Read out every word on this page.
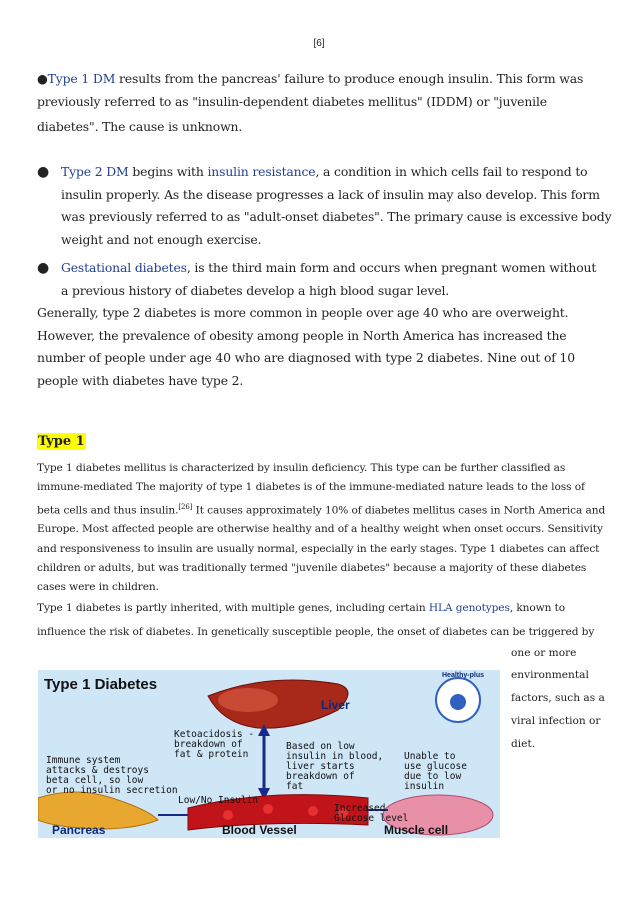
[6]
●Type 1 DM results from the pancreas' failure to produce enough insulin. This form was
previously referred to as "insulin-dependent diabetes mellitus" (IDDM) or "juvenile
diabetes". The cause is unknown.
● Type 2 DM begins with insulin resistance, a condition in which cells fail to respond to
insulin properly. As the disease progresses a lack of insulin may also develop. This form
was previously referred to as "adult-onset diabetes". The primary cause is excessive body
weight and not enough exercise.
● Gestational diabetes, is the third main form and occurs when pregnant women without
a previous history of diabetes develop a high blood sugar level.
Generally, type 2 diabetes is more common in people over age 40 who are overweight.
However, the prevalence of obesity among people in North America has increased the
number of people under age 40 who are diagnosed with type 2 diabetes. Nine out of 10
people with diabetes have type 2.
Type 1
Type 1 diabetes mellitus is characterized by insulin deficiency. This type can be further classified as
immune-mediated The majority of type 1 diabetes is of the immune-mediated nature leads to the loss of
beta cells and thus insulin.[26] It causes approximately 10% of diabetes mellitus cases in North America and
Europe. Most affected people are otherwise healthy and of a healthy weight when onset occurs. Sensitivity
and responsiveness to insulin are usually normal, especially in the early stages. Type 1 diabetes can affect
children or adults, but was traditionally termed "juvenile diabetes" because a majority of these diabetes
cases were in children.
Type 1 diabetes is partly inherited, with multiple genes, including certain HLA genotypes, known to
influence the risk of diabetes. In genetically susceptible people, the onset of diabetes can be triggered by
one or more
environmental
factors, such as a
viral infection or
diet.
Type 1 Diabetes
Healthy-plus
Liver
Ketoacidosis -
breakdown of
fat & protein
Immune system
attacks & destroys
beta cell, so low
or no insulin secretion
Based on low
insulin in blood,
liver starts
breakdown of
fat
Unable to
use glucose
due to low
insulin
Low/No Insulin
Increased
Glucose level
Pancreas	Blood Vessel	Muscle cell
